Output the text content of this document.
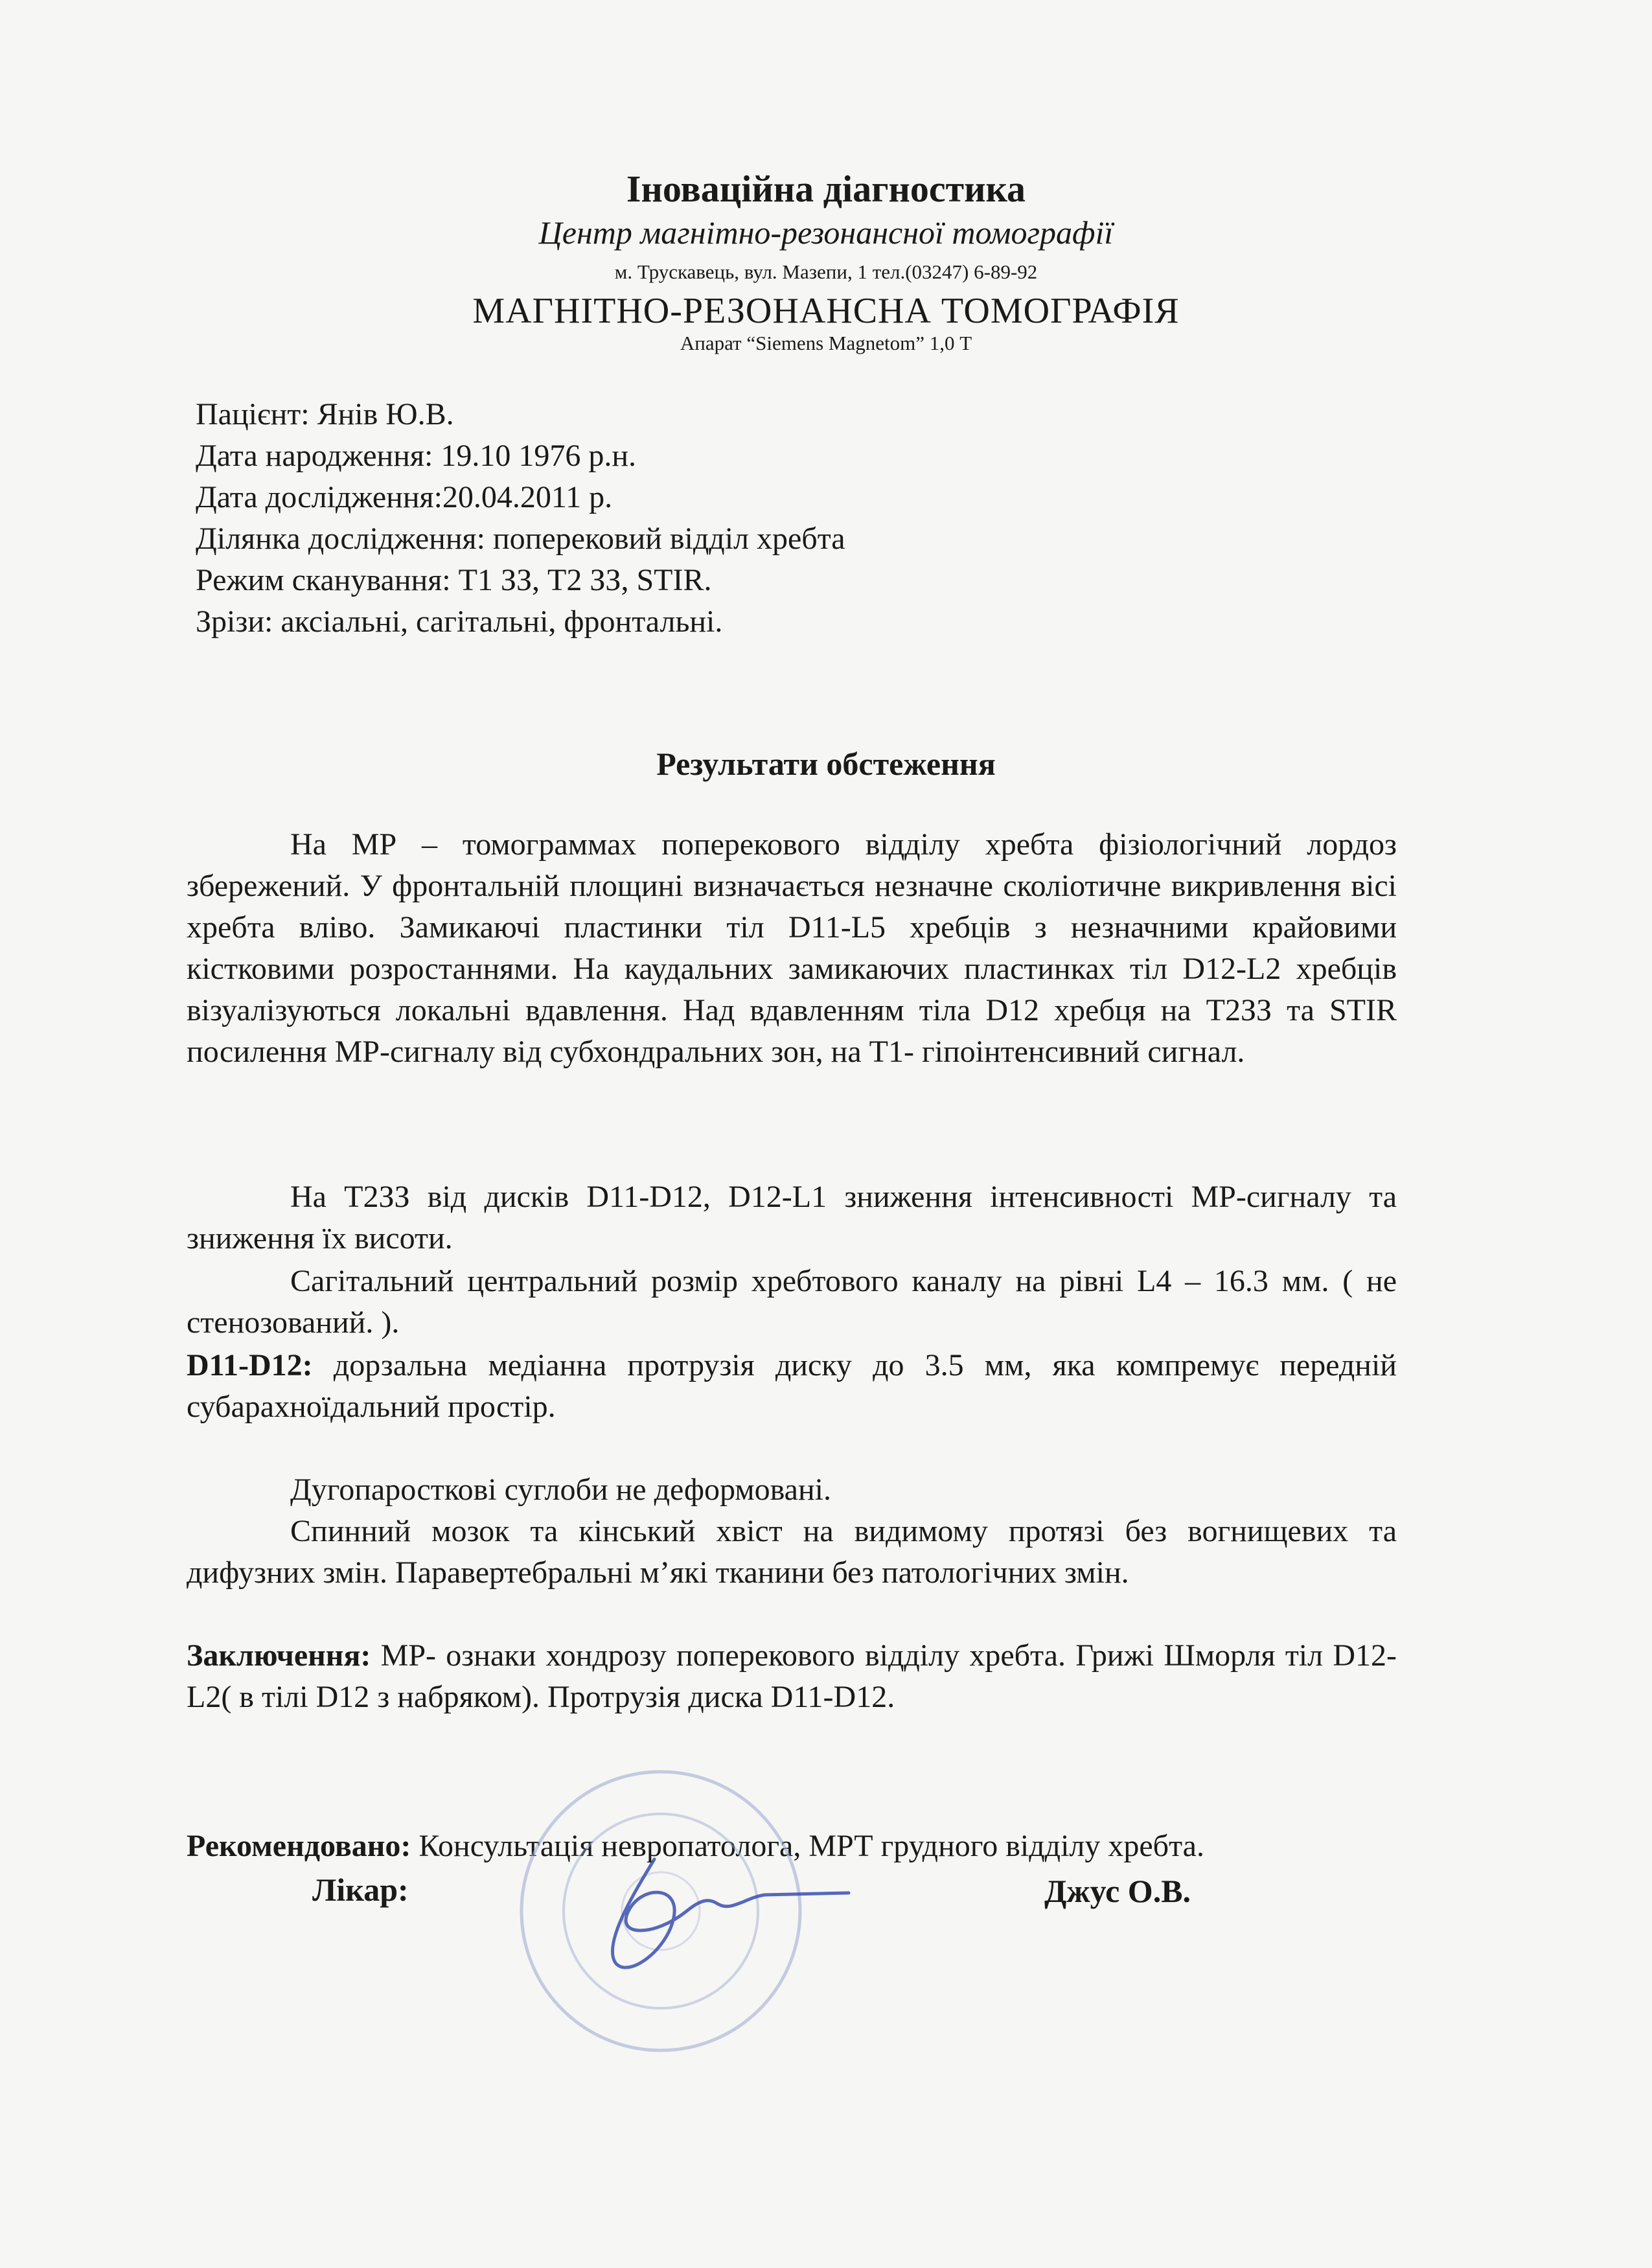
Іноваційна діагностика
Центр магнітно-резонансної томографії
м. Трускавець, вул. Мазепи, 1 тел.(03247) 6-89-92
МАГНІТНО-РЕЗОНАНСНА ТОМОГРАФІЯ
Апарат “Siemens Magnetom” 1,0 Т
Пацієнт: Янів Ю.В.
Дата народження: 19.10 1976 р.н.
Дата дослідження:20.04.2011 р.
Ділянка дослідження: поперековий відділ хребта
Режим сканування: Т1 ЗЗ, Т2 ЗЗ, STIR.
Зрізи: аксіальні, сагітальні, фронтальні.
Результати обстеження
На МР – томограммах поперекового відділу хребта фізіологічний лордоз збережений. У фронтальній площині визначається незначне сколіотичне викривлення вісі хребта вліво. Замикаючі пластинки тіл D11-L5 хребців з незначними крайовими кістковими розростаннями. На каудальних замикаючих пластинках тіл D12-L2 хребців візуалізуються локальні вдавлення. Над вдавленням тіла D12 хребця на Т2ЗЗ та STIR посилення МР-сигналу від субхондральних зон, на Т1- гіпоінтенсивний сигнал.
На Т2ЗЗ від дисків D11-D12, D12-L1 зниження інтенсивності МР-сигналу та зниження їх висоти.
Сагітальний центральний розмір хребтового каналу на рівні L4 – 16.3 мм. ( не стенозований. ).
D11-D12: дорзальна медіанна протрузія диску до 3.5 мм, яка компремує передній субарахноїдальний простір.
Дугопаросткові суглоби не деформовані.
Спинний мозок та кінський хвіст на видимому протязі без вогнищевих та дифузних змін. Паравертебральні м’які тканини без патологічних змін.
Заключення: МР- ознаки хондрозу поперекового відділу хребта. Грижі Шморля тіл D12-L2( в тілі D12 з набряком). Протрузія диска D11-D12.
Рекомендовано: Консультація невропатолога, МРТ грудного відділу хребта.
Лікар:	Джус О.В.
